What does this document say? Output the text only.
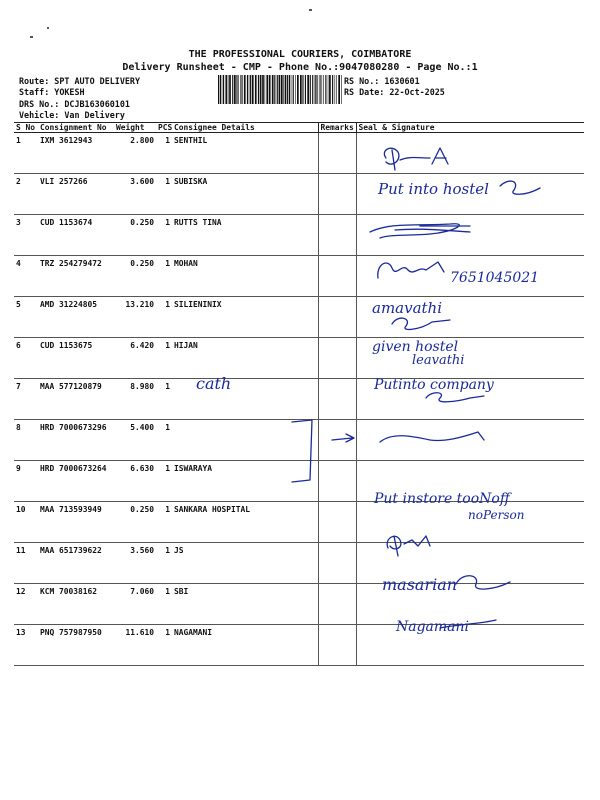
THE PROFESSIONAL COURIERS, COIMBATORE
Delivery Runsheet - CMP - Phone No.:9047080280 - Page No.:1
Route: SPT AUTO DELIVERY
Staff: YOKESH
DRS No.: DCJB163060101
Vehicle: Van Delivery
RS No.: 1630601
RS Date: 22-Oct-2025
S No	Consignment No	Weight	PCS	Consignee Details	Remarks	Seal & Signature
1	IXM 3612943	2.800	1	SENTHIL		
2	VLI 257266	3.600	1	SUBISKA		
3	CUD 1153674	0.250	1	RUTTS TINA		
4	TRZ 254279472	0.250	1	MOHAN		
5	AMD 31224805	13.210	1	SILIENINIX		
6	CUD 1153675	6.420	1	HIJAN		
7	MAA 577120879	8.980	1			
8	HRD 7000673296	5.400	1			
9	HRD 7000673264	6.630	1	ISWARAYA		
10	MAA 713593949	0.250	1	SANKARA HOSPITAL		
11	MAA 651739622	3.560	1	JS		
12	KCM 70038162	7.060	1	SBI		
13	PNQ 757987950	11.610	1	NAGAMANI		
Put into hostel
7651045021
amavathi
given hostel
leavathi
cath	Putinto company
Put instore tooNoff
noPerson
masarian
Nagamani
